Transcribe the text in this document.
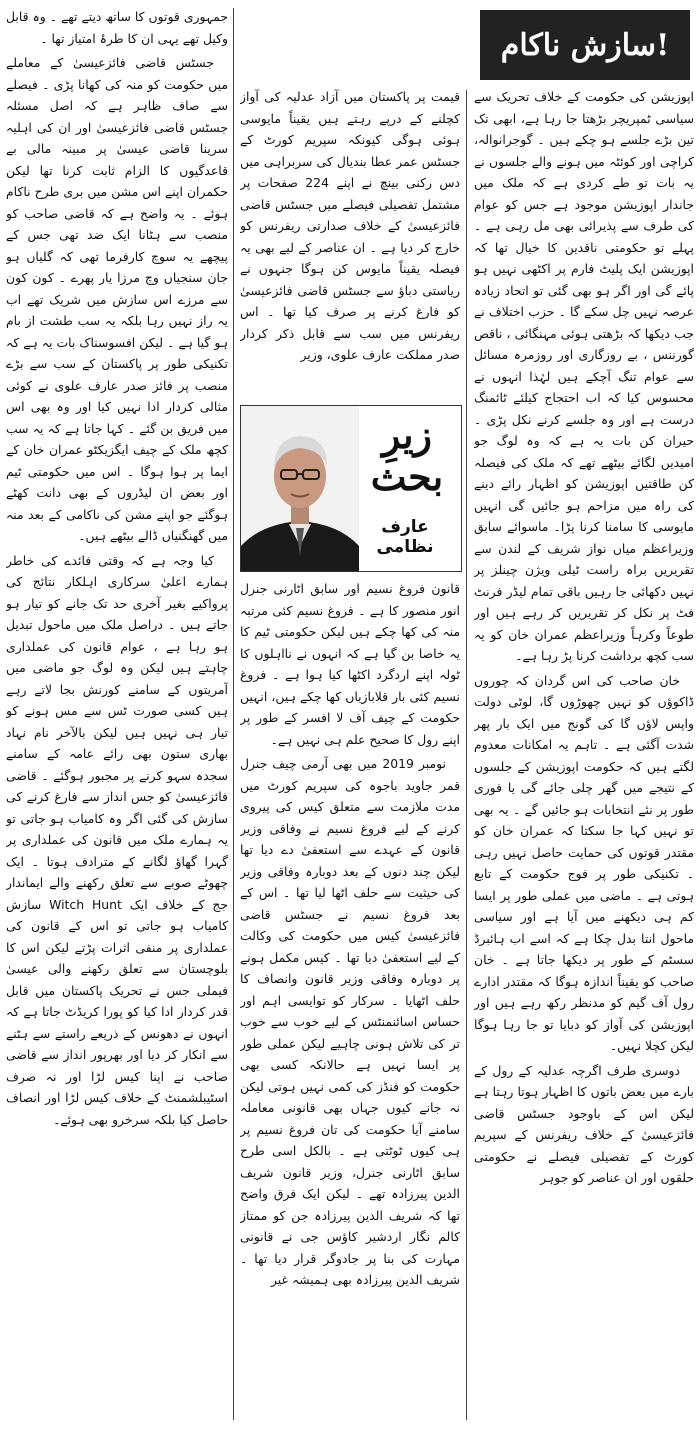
سازش ناکام!

اپوزیشن کی حکومت کے خلاف تحریک سے سیاسی ٹمپریچر بڑھتا جا رہا ہے، ابھی تک تین بڑے جلسے ہو چکے ہیں ۔ گوجرانوالہ، کراچی اور کوئٹہ میں ہونے والے جلسوں نے یہ بات تو طے کردی ہے کہ ملک میں جاندار اپوزیشن موجود ہے جس کو عوام کی طرف سے پذیرائی بھی مل رہی ہے ۔ پہلے تو حکومتی ناقدین کا خیال تھا کہ اپوزیشن ایک پلیٹ فارم پر اکٹھی نہیں ہو پائے گی اور اگر ہو بھی گئی تو اتحاد زیادہ عرصہ نہیں چل سکے گا ۔ حزب اختلاف نے جب دیکھا کہ بڑھتی ہوئی مہنگائی ، ناقص گورننس ، بے روزگاری اور روزمرہ مسائل سے عوام تنگ آچکے ہیں لہٰذا انہوں نے محسوس کیا کہ اب احتجاج کیلئے ٹائمنگ درست ہے اور وہ جلسے کرنے نکل پڑی ۔ حیران کن بات یہ ہے کہ وہ لوگ جو امیدیں لگائے بیٹھے تھے کہ ملک کی فیصلہ کن طاقتیں اپوزیشن کو اظہار رائے دینے کی راہ میں مزاحم ہو جائیں گی انہیں مایوسی کا سامنا کرنا پڑا۔ ماسوائے سابق وزیراعظم میاں نواز شریف کے لندن سے تقریریں براہ راست ٹیلی ویژن چینلز پر نہیں دکھائی جا رہیں باقی تمام لیڈر فرنٹ فٹ پر نکل کر تقریریں کر رہے ہیں اور طوعاً وکرہاً وزیراعظم عمران خان کو یہ سب کچھ برداشت کرنا پڑ رہا ہے۔

خان صاحب کی اس گردان کہ چوروں ڈاکوؤں کو نہیں چھوڑوں گا، لوٹی دولت واپس لاؤں گا کی گونج میں ایک بار پھر شدت آگئی ہے ۔ تاہم یہ امکانات معدوم لگتے ہیں کہ حکومت اپوزیشن کے جلسوں کے نتیجے میں گھر چلی جائے گی یا فوری طور پر نئے انتخابات ہو جائیں گے ۔ یہ بھی تو نہیں کہا جا سکتا کہ عمران خان کو مقتدر قوتوں کی حمایت حاصل نہیں رہی ۔ تکنیکی طور پر فوج حکومت کے تابع ہوتی ہے ۔ ماضی میں عملی طور پر ایسا کم ہی دیکھنے میں آیا ہے اور سیاسی ماحول انتا بدل چکا ہے کہ اسے اب ہائبرڈ سسٹم کے طور پر دیکھا جاتا ہے ۔ خان صاحب کو یقیناً اندازہ ہوگا کہ مقتدر ادارے رول آف گیم کو مدنظر رکھ رہے ہیں اور اپوزیشن کی آواز کو دبایا تو جا رہا ہوگا لیکن کچلا نہیں۔

دوسری طرف اگرچہ عدلیہ کے رول کے بارے میں بعض باتوں کا اظہار ہوتا رہتا ہے لیکن اس کے باوجود جسٹس قاضی فائزعیسیٰ کے خلاف ریفرنس کے سپریم کورٹ کے تفصیلی فیصلے نے حکومتی حلقوں اور ان عناصر کو جوہر

قیمت پر پاکستان میں آزاد عدلیہ کی آواز کچلنے کے درپے رہتے ہیں یقیناً مایوسی ہوئی ہوگی کیونکہ سپریم کورٹ کے جسٹس عمر عطا بندیال کی سربراہی میں دس رکنی بینچ نے اپنے 224 صفحات پر مشتمل تفصیلی فیصلے میں جسٹس قاضی فائزعیسیٰ کے خلاف صدارتی ریفرنس کو خارج کر دیا ہے ۔ ان عناصر کے لیے بھی یہ فیصلہ یقیناً مایوس کن ہوگا جنہوں نے ریاستی دباؤ سے جسٹس قاضی فائزعیسیٰ کو فارغ کرنے پر صرف کیا تھا ۔ اس ریفرنس میں سب سے قابل ذکر کردار صدر مملکت عارف علوی، وزیر

زیرِ
بحث
عارف نظامی

قانون فروغ نسیم اور سابق اٹارنی جنرل انور منصور کا ہے ۔ فروغ نسیم کئی مرتبہ منہ کی کھا چکے ہیں لیکن حکومتی ٹیم کا یہ خاصا بن گیا ہے کہ انہوں نے نااہلوں کا ٹولہ اپنے اردگرد اکٹھا کیا ہوا ہے ۔ فروغ نسیم کئی بار قلابازیاں کھا چکے ہیں، انہیں حکومت کے چیف آف لا افسر کے طور پر اپنے رول کا صحیح علم ہی نہیں ہے۔

نومبر 2019 میں بھی آرمی چیف جنرل قمر جاوید باجوہ کی سپریم کورٹ میں مدت ملازمت سے متعلق کیس کی پیروی کرنے کے لیے فروغ نسیم نے وفاقی وزیر قانون کے عہدے سے استعفیٰ دے دیا تھا لیکن چند دنوں کے بعد دوبارہ وفاقی وزیر کی حیثیت سے حلف اٹھا لیا تھا ۔ اس کے بعد فروغ نسیم نے جسٹس قاضی فائزعیسیٰ کیس میں حکومت کی وکالت کے لیے استعفیٰ دیا تھا ۔ کیس مکمل ہونے پر دوبارہ وفاقی وزیر قانون وانصاف کا حلف اٹھایا ۔ سرکار کو توایسی اہم اور حساس اسائنمنٹس کے لیے خوب سے خوب تر کی تلاش ہونی چاہیے لیکن عملی طور پر ایسا نہیں ہے حالانکہ کسی بھی حکومت کو فنڈز کی کمی نہیں ہوتی لیکن نہ جانے کیوں جہاں بھی قانونی معاملہ سامنے آیا حکومت کی تان فروغ نسیم پر ہی کیوں ٹوٹتی ہے ۔ بالکل اسی طرح سابق اٹارنی جنرل، وزیر قانون شریف الدین پیرزادہ تھے ۔ لیکن ایک فرق واضح تھا کہ شریف الدین پیرزادہ جن کو ممتاز کالم نگار اردشیر کاؤس جی نے قانونی مہارت کی بنا پر جادوگر قرار دیا تھا ۔ شریف الدین پیرزادہ بھی ہمیشہ غیر

جمہوری قوتوں کا ساتھ دیتے تھے ۔ وہ قابل وکیل تھے یہی ان کا طرۂ امتیاز تھا ۔

جسٹس قاضی فائزعیسیٰ کے معاملے میں حکومت کو منہ کی کھانا پڑی ۔ فیصلے سے صاف ظاہر ہے کہ اصل مسئلہ جسٹس قاضی فائزعیسیٰ اور ان کی اہلیہ سرینا قاضی عیسیٰ پر مبینہ مالی بے قاعدگیوں کا الزام ثابت کرنا تھا لیکن حکمران اپنے اس مشن میں بری طرح ناکام ہوئے ۔ یہ واضح ہے کہ قاضی صاحب کو منصب سے ہٹانا ایک ضد تھی جس کے پیچھے یہ سوچ کارفرما تھی کہ گلیاں ہو جان سنجیاں وچ مرزا یار پھرے ۔ کون کون سے مرزے اس سازش میں شریک تھے اب یہ راز نہیں رہا بلکہ یہ سب طشت از بام ہو گیا ہے ۔ لیکن افسوسناک بات یہ ہے کہ تکنیکی طور پر پاکستان کے سب سے بڑے منصب پر فائز صدر عارف علوی نے کوئی مثالی کردار ادا نہیں کیا اور وہ بھی اس میں فریق بن گئے ۔ کہا جاتا ہے کہ یہ سب کچھ ملک کے چیف ایگزیکٹو عمران خان کے ایما پر ہوا ہوگا ۔ اس میں حکومتی ٹیم اور بعض ان لیڈروں کے بھی دانت کھٹے ہوگئے جو اپنے مشن کی ناکامی کے بعد منہ میں گھنگنیاں ڈالے بیٹھے ہیں۔

کیا وجہ ہے کہ وقتی فائدے کی خاطر ہمارے اعلیٰ سرکاری اہلکار نتائج کی پرواکیے بغیر آخری حد تک جانے کو تیار ہو جاتے ہیں ۔ دراصل ملک میں ماحول تبدیل ہو رہا ہے ، عوام قانون کی عملداری چاہتے ہیں لیکن وہ لوگ جو ماضی میں آمریتوں کے سامنے کورنش بجا لاتے رہے ہیں کسی صورت ٹس سے مس ہونے کو تیار ہی نہیں ہیں لیکن بالآخر نام نہاد بھاری ستون بھی رائے عامہ کے سامنے سجدہ سہو کرنے پر مجبور ہوگئے ۔ قاضی فائزعیسیٰ کو جس انداز سے فارغ کرنے کی سازش کی گئی اگر وہ کامیاب ہو جاتی تو یہ ہمارے ملک میں قانون کی عملداری پر گہرا گھاؤ لگانے کے مترادف ہوتا ۔ ایک چھوٹے صوبے سے تعلق رکھنے والے ایماندار جج کے خلاف ایک Witch Hunt سازش کامیاب ہو جاتی تو اس کے قانون کی عملداری پر منفی اثرات پڑتے لیکن اس کا بلوچستان سے تعلق رکھنے والی عیسیٰ فیملی جس نے تحریک پاکستان میں قابل قدر کردار ادا کیا کو پورا کریڈٹ جاتا ہے کہ انہوں نے دھونس کے ذریعے راستے سے ہٹنے سے انکار کر دیا اور بھرپور انداز سے قاضی صاحب نے اپنا کیس لڑا اور نہ صرف اسٹیبلشمنٹ کے خلاف کیس لڑا اور انصاف حاصل کیا بلکہ سرخرو بھی ہوئے۔
